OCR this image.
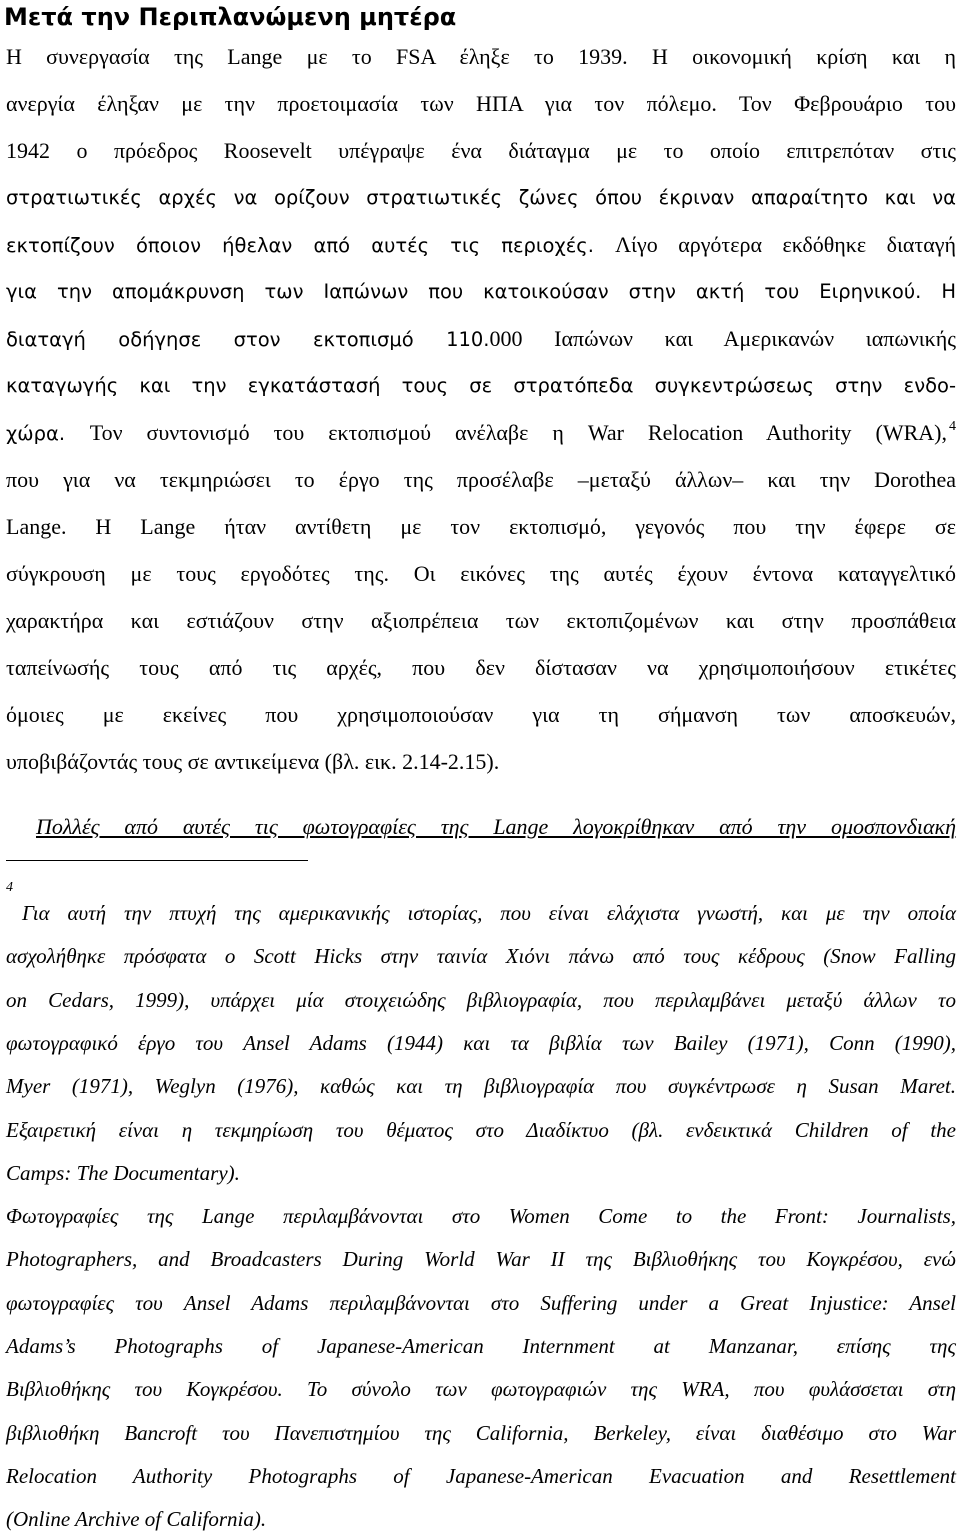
Μετά την Περιπλανώμενη μητέρα
Η συνεργασία της Lange με το FSA έληξε το 1939. Η οικονομική κρίση και η
ανεργία έληξαν με την προετοιμασία των ΗΠΑ για τον πόλεμο. Τον Φεβρουάριο του
1942 ο πρόεδρος Roosevelt υπέγραψε ένα διάταγμα με το οποίο επιτρεπόταν στις
στρατιωτικές αρχές να ορίζουν στρατιωτικές ζώνες όπου έκριναν απαραίτητο και να
εκτοπίζουν όποιον ήθελαν από αυτές τις περιοχές. Λίγο αργότερα εκδόθηκε διαταγή
για την απομάκρυνση των Ιαπώνων που κατοικούσαν στην ακτή του Ειρηνικού. Η
διαταγή οδήγησε στον εκτοπισμό 110.000 Ιαπώνων και Αμερικανών ιαπωνικής
καταγωγής και την εγκατάστασή τους σε στρατόπεδα συγκεντρώσεως στην ενδο-
χώρα. Τον συντονισμό του εκτοπισμού ανέλαβε η War Relocation Authority (WRA), $^4$
που για να τεκμηριώσει το έργο της προσέλαβε –μεταξύ άλλων– και την Dorothea
Lange. Η Lange ήταν αντίθετη με τον εκτοπισμό, γεγονός που την έφερε σε
σύγκρουση με τους εργοδότες της. Οι εικόνες της αυτές έχουν έντονα καταγγελτικό
χαρακτήρα και εστιάζουν στην αξιοπρέπεια των εκτοπιζομένων και στην προσπάθεια
ταπείνωσής τους από τις αρχές, που δεν δίστασαν να χρησιμοποιήσουν ετικέτες
όμοιες με εκείνες που χρησιμοποιούσαν για τη σήμανση των αποσκευών,
υποβιβάζοντάς τους σε αντικείμενα (βλ. εικ. 2.14-2.15).
Πολλές από αυτές τις φωτογραφίες της Lange λογοκρίθηκαν από την ομοσπονδιακή
4
Για αυτή την πτυχή της αμερικανικής ιστορίας, που είναι ελάχιστα γνωστή, και με την οποία
ασχολήθηκε πρόσφατα ο Scott Hicks στην ταινία Χιόνι πάνω από τους κέδρους (Snow Falling
on Cedars, 1999), υπάρχει μία στοιχειώδης βιβλιογραφία, που περιλαμβάνει μεταξύ άλλων το
φωτογραφικό έργο του Ansel Adams (1944) και τα βιβλία των Bailey (1971), Conn (1990),
Myer (1971), Weglyn (1976), καθώς και τη βιβλιογραφία που συγκέντρωσε η Susan Maret.
Εξαιρετική είναι η τεκμηρίωση του θέματος στο Διαδίκτυο (βλ. ενδεικτικά Children of the
Camps: The Documentary).
Φωτογραφίες της Lange περιλαμβάνονται στο Women Come to the Front: Journalists,
Photographers, and Broadcasters During World War II της Βιβλιοθήκης του Κογκρέσου, ενώ
φωτογραφίες του Ansel Adams περιλαμβάνονται στο Suffering under a Great Injustice: Ansel
Adams’s Photographs of Japanese-American Internment at Manzanar, επίσης της
Βιβλιοθήκης του Κογκρέσου. Το σύνολο των φωτογραφιών της WRA, που φυλάσσεται στη
βιβλιοθήκη Bancroft του Πανεπιστημίου της California, Berkeley, είναι διαθέσιμο στο War
Relocation Authority Photographs of Japanese-American Evacuation and Resettlement
(Online Archive of California).
